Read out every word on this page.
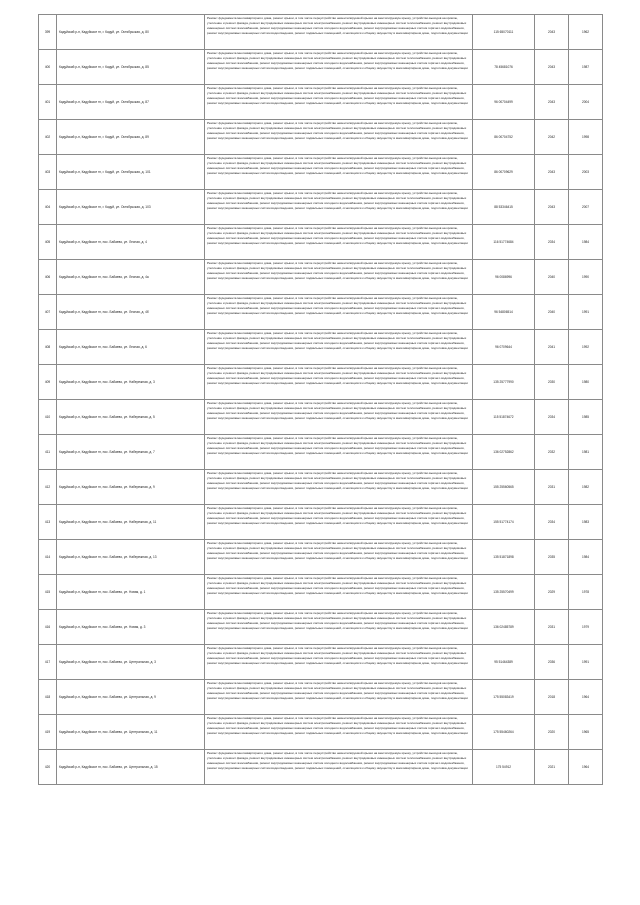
399	Кадуйский р-н, Кадуйское гп, г. Кадуй, ул. Октябрьская, д. 80	Ремонт фундамента многоквартирного дома, ремонт крыши, в том числе переустройство невентилируемой крыши на вентилируемую крышу, устройство выходов на кровлю, утепление и ремонт фасада, ремонт внутридомовых инженерных систем электроснабжения, ремонт внутридомовых инженерных систем теплоснабжения, ремонт внутридомовых инженерных систем газоснабжения, ремонт внутридомовых инженерных систем холодного водоснабжения, ремонт внутридомовых инженерных систем горячего водоснабжения, ремонт внутридомовых инженерных систем водоотведения, ремонт подвальных помещений, относящихся к общему имуществу в многоквартирном доме, подготовка документации	115 65070111	2043	1962
400	Кадуйский р-н, Кадуйское гп, г. Кадуй, ул. Октябрьская, д. 85	Ремонт фундамента многоквартирного дома, ремонт крыши, в том числе переустройство невентилируемой крыши на вентилируемую крышу, устройство выходов на кровлю, утепление и ремонт фасада, ремонт внутридомовых инженерных систем электроснабжения, ремонт внутридомовых инженерных систем теплоснабжения, ремонт внутридомовых инженерных систем газоснабжения, ремонт внутридомовых инженерных систем холодного водоснабжения, ремонт внутридомовых инженерных систем горячего водоснабжения, ремонт внутридомовых инженерных систем водоотведения, ремонт подвальных помещений, относящихся к общему имуществу в многоквартирном доме, подготовка документации	78 45681076	2043	1987
401	Кадуйский р-н, Кадуйское гп, г. Кадуй, ул. Октябрьская, д. 87	Ремонт фундамента многоквартирного дома, ремонт крыши, в том числе переустройство невентилируемой крыши на вентилируемую крышу, устройство выходов на кровлю, утепление и ремонт фасада, ремонт внутридомовых инженерных систем электроснабжения, ремонт внутридомовых инженерных систем теплоснабжения, ремонт внутридомовых инженерных систем газоснабжения, ремонт внутридомовых инженерных систем холодного водоснабжения, ремонт внутридомовых инженерных систем горячего водоснабжения, ремонт внутридомовых инженерных систем водоотведения, ремонт подвальных помещений, относящихся к общему имуществу в многоквартирном доме, подготовка документации	96 00704499	2043	2004
402	Кадуйский р-н, Кадуйское гп, г. Кадуй, ул. Октябрьская, д. 89	Ремонт фундамента многоквартирного дома, ремонт крыши, в том числе переустройство невентилируемой крыши на вентилируемую крышу, устройство выходов на кровлю, утепление и ремонт фасада, ремонт внутридомовых инженерных систем электроснабжения, ремонт внутридомовых инженерных систем теплоснабжения, ремонт внутридомовых инженерных систем газоснабжения, ремонт внутридомовых инженерных систем холодного водоснабжения, ремонт внутридомовых инженерных систем горячего водоснабжения, ремонт внутридомовых инженерных систем водоотведения, ремонт подвальных помещений, относящихся к общему имуществу в многоквартирном доме, подготовка документации	86 00704752	2042	1998
403	Кадуйский р-н, Кадуйское гп, г. Кадуй, ул. Октябрьская, д. 101	Ремонт фундамента многоквартирного дома, ремонт крыши, в том числе переустройство невентилируемой крыши на вентилируемую крышу, устройство выходов на кровлю, утепление и ремонт фасада, ремонт внутридомовых инженерных систем электроснабжения, ремонт внутридомовых инженерных систем теплоснабжения, ремонт внутридомовых инженерных систем газоснабжения, ремонт внутридомовых инженерных систем холодного водоснабжения, ремонт внутридомовых инженерных систем горячего водоснабжения, ремонт внутридомовых инженерных систем водоотведения, ремонт подвальных помещений, относящихся к общему имуществу в многоквартирном доме, подготовка документации	86 00709629	2043	2003
404	Кадуйский р-н, Кадуйское гп, г. Кадуй, ул. Октябрьская, д. 103	Ремонт фундамента многоквартирного дома, ремонт крыши, в том числе переустройство невентилируемой крыши на вентилируемую крышу, устройство выходов на кровлю, утепление и ремонт фасада, ремонт внутридомовых инженерных систем электроснабжения, ремонт внутридомовых инженерных систем теплоснабжения, ремонт внутридомовых инженерных систем газоснабжения, ремонт внутридомовых инженерных систем холодного водоснабжения, ремонт внутридомовых инженерных систем горячего водоснабжения, ремонт внутридомовых инженерных систем водоотведения, ремонт подвальных помещений, относящихся к общему имуществу в многоквартирном доме, подготовка документации	88 53346415	2043	2007
405	Кадуйский р-н, Кадуйское гп, пос. Бабаево, ул. Лесная, д. 4	Ремонт фундамента многоквартирного дома, ремонт крыши, в том числе переустройство невентилируемой крыши на вентилируемую крышу, устройство выходов на кровлю, утепление и ремонт фасада, ремонт внутридомовых инженерных систем электроснабжения, ремонт внутридомовых инженерных систем теплоснабжения, ремонт внутридомовых инженерных систем газоснабжения, ремонт внутридомовых инженерных систем холодного водоснабжения, ремонт внутридомовых инженерных систем горячего водоснабжения, ремонт внутридомовых инженерных систем водоотведения, ремонт подвальных помещений, относящихся к общему имуществу в многоквартирном доме, подготовка документации	116 51774684	2034	1984
406	Кадуйский р-н, Кадуйское гп, пос. Бабаево, ул. Лесная, д. 4а	Ремонт фундамента многоквартирного дома, ремонт крыши, в том числе переустройство невентилируемой крыши на вентилируемую крышу, устройство выходов на кровлю, утепление и ремонт фасада, ремонт внутридомовых инженерных систем электроснабжения, ремонт внутридомовых инженерных систем теплоснабжения, ремонт внутридомовых инженерных систем газоснабжения, ремонт внутридомовых инженерных систем холодного водоснабжения, ремонт внутридомовых инженерных систем горячего водоснабжения, ремонт внутридомовых инженерных систем водоотведения, ремонт подвальных помещений, относящихся к общему имуществу в многоквартирном доме, подготовка документации	96 0086996	2040	1990
407	Кадуйский р-н, Кадуйское гп, пос. Бабаево, ул. Лесная, д. 4б	Ремонт фундамента многоквартирного дома, ремонт крыши, в том числе переустройство невентилируемой крыши на вентилируемую крышу, устройство выходов на кровлю, утепление и ремонт фасада, ремонт внутридомовых инженерных систем электроснабжения, ремонт внутридомовых инженерных систем теплоснабжения, ремонт внутридомовых инженерных систем газоснабжения, ремонт внутридомовых инженерных систем холодного водоснабжения, ремонт внутридомовых инженерных систем горячего водоснабжения, ремонт внутридомовых инженерных систем водоотведения, ремонт подвальных помещений, относящихся к общему имуществу в многоквартирном доме, подготовка документации	96 54806514	2040	1991
408	Кадуйский р-н, Кадуйское гп, пос. Бабаево, ул. Лесная, д. 6	Ремонт фундамента многоквартирного дома, ремонт крыши, в том числе переустройство невентилируемой крыши на вентилируемую крышу, устройство выходов на кровлю, утепление и ремонт фасада, ремонт внутридомовых инженерных систем электроснабжения, ремонт внутридомовых инженерных систем теплоснабжения, ремонт внутридомовых инженерных систем газоснабжения, ремонт внутридомовых инженерных систем холодного водоснабжения, ремонт внутридомовых инженерных систем горячего водоснабжения, ремонт внутридомовых инженерных систем водоотведения, ремонт подвальных помещений, относящихся к общему имуществу в многоквартирном доме, подготовка документации	96 0709644	2041	1992
409	Кадуйский р-н, Кадуйское гп, пос. Бабаево, ул. Набережная, д. 3	Ремонт фундамента многоквартирного дома, ремонт крыши, в том числе переустройство невентилируемой крыши на вентилируемую крышу, устройство выходов на кровлю, утепление и ремонт фасада, ремонт внутридомовых инженерных систем электроснабжения, ремонт внутридомовых инженерных систем теплоснабжения, ремонт внутридомовых инженерных систем газоснабжения, ремонт внутридомовых инженерных систем холодного водоснабжения, ремонт внутридомовых инженерных систем горячего водоснабжения, ремонт внутридомовых инженерных систем водоотведения, ремонт подвальных помещений, относящихся к общему имуществу в многоквартирном доме, подготовка документации	135 25777990	2030	1980
410	Кадуйский р-н, Кадуйское гп, пос. Бабаево, ул. Набережная, д. 5	Ремонт фундамента многоквартирного дома, ремонт крыши, в том числе переустройство невентилируемой крыши на вентилируемую крышу, устройство выходов на кровлю, утепление и ремонт фасада, ремонт внутридомовых инженерных систем электроснабжения, ремонт внутридомовых инженерных систем теплоснабжения, ремонт внутридомовых инженерных систем газоснабжения, ремонт внутридомовых инженерных систем холодного водоснабжения, ремонт внутридомовых инженерных систем горячего водоснабжения, ремонт внутридомовых инженерных систем водоотведения, ремонт подвальных помещений, относящихся к общему имуществу в многоквартирном доме, подготовка документации	115 51874672	2034	1985
411	Кадуйский р-н, Кадуйское гп, пос. Бабаево, ул. Набережная, д. 7	Ремонт фундамента многоквартирного дома, ремонт крыши, в том числе переустройство невентилируемой крыши на вентилируемую крышу, устройство выходов на кровлю, утепление и ремонт фасада, ремонт внутридомовых инженерных систем электроснабжения, ремонт внутридомовых инженерных систем теплоснабжения, ремонт внутридомовых инженерных систем газоснабжения, ремонт внутридомовых инженерных систем холодного водоснабжения, ремонт внутридомовых инженерных систем горячего водоснабжения, ремонт внутридомовых инженерных систем водоотведения, ремонт подвальных помещений, относящихся к общему имуществу в многоквартирном доме, подготовка документации	136 02752862	2032	1981
412	Кадуйский р-н, Кадуйское гп, пос. Бабаево, ул. Набережная, д. 9	Ремонт фундамента многоквартирного дома, ремонт крыши, в том числе переустройство невентилируемой крыши на вентилируемую крышу, устройство выходов на кровлю, утепление и ремонт фасада, ремонт внутридомовых инженерных систем электроснабжения, ремонт внутридомовых инженерных систем теплоснабжения, ремонт внутридомовых инженерных систем газоснабжения, ремонт внутридомовых инженерных систем холодного водоснабжения, ремонт внутридомовых инженерных систем горячего водоснабжения, ремонт внутридомовых инженерных систем водоотведения, ремонт подвальных помещений, относящихся к общему имуществу в многоквартирном доме, подготовка документации	155 25560565	2031	1982
413	Кадуйский р-н, Кадуйское гп, пос. Бабаево, ул. Набережная, д. 11	Ремонт фундамента многоквартирного дома, ремонт крыши, в том числе переустройство невентилируемой крыши на вентилируемую крышу, устройство выходов на кровлю, утепление и ремонт фасада, ремонт внутридомовых инженерных систем электроснабжения, ремонт внутридомовых инженерных систем теплоснабжения, ремонт внутридомовых инженерных систем газоснабжения, ремонт внутридомовых инженерных систем холодного водоснабжения, ремонт внутридомовых инженерных систем горячего водоснабжения, ремонт внутридомовых инженерных систем водоотведения, ремонт подвальных помещений, относящихся к общему имуществу в многоквартирном доме, подготовка документации	155 51774174	2034	1983
414	Кадуйский р-н, Кадуйское гп, пос. Бабаево, ул. Набережная, д. 13	Ремонт фундамента многоквартирного дома, ремонт крыши, в том числе переустройство невентилируемой крыши на вентилируемую крышу, устройство выходов на кровлю, утепление и ремонт фасада, ремонт внутридомовых инженерных систем электроснабжения, ремонт внутридомовых инженерных систем теплоснабжения, ремонт внутридомовых инженерных систем газоснабжения, ремонт внутридомовых инженерных систем холодного водоснабжения, ремонт внутридомовых инженерных систем горячего водоснабжения, ремонт внутридомовых инженерных систем водоотведения, ремонт подвальных помещений, относящихся к общему имуществу в многоквартирном доме, подготовка документации	135 51871898	2035	1984
415	Кадуйский р-н, Кадуйское гп, пос. Бабаево, ул. Новая, д. 1	Ремонт фундамента многоквартирного дома, ремонт крыши, в том числе переустройство невентилируемой крыши на вентилируемую крышу, устройство выходов на кровлю, утепление и ремонт фасада, ремонт внутридомовых инженерных систем электроснабжения, ремонт внутридомовых инженерных систем теплоснабжения, ремонт внутридомовых инженерных систем газоснабжения, ремонт внутридомовых инженерных систем холодного водоснабжения, ремонт внутридомовых инженерных систем горячего водоснабжения, ремонт внутридомовых инженерных систем водоотведения, ремонт подвальных помещений, относящихся к общему имуществу в многоквартирном доме, подготовка документации	135 25570499	2029	1978
416	Кадуйский р-н, Кадуйское гп, пос. Бабаево, ул. Новая, д. 3	Ремонт фундамента многоквартирного дома, ремонт крыши, в том числе переустройство невентилируемой крыши на вентилируемую крышу, устройство выходов на кровлю, утепление и ремонт фасада, ремонт внутридомовых инженерных систем электроснабжения, ремонт внутридомовых инженерных систем теплоснабжения, ремонт внутридомовых инженерных систем газоснабжения, ремонт внутридомовых инженерных систем холодного водоснабжения, ремонт внутридомовых инженерных систем горячего водоснабжения, ремонт внутридомовых инженерных систем водоотведения, ремонт подвальных помещений, относящихся к общему имуществу в многоквартирном доме, подготовка документации	136 02485789	2031	1979
417	Кадуйский р-н, Кадуйское гп, пос. Бабаево, ул. Центральная, д. 3	Ремонт фундамента многоквартирного дома, ремонт крыши, в том числе переустройство невентилируемой крыши на вентилируемую крышу, устройство выходов на кровлю, утепление и ремонт фасада, ремонт внутридомовых инженерных систем электроснабжения, ремонт внутридомовых инженерных систем теплоснабжения, ремонт внутридомовых инженерных систем газоснабжения, ремонт внутридомовых инженерных систем холодного водоснабжения, ремонт внутридомовых инженерных систем горячего водоснабжения, ремонт внутридомовых инженерных систем водоотведения, ремонт подвальных помещений, относящихся к общему имуществу в многоквартирном доме, подготовка документации	95 51464389	2036	1991
418	Кадуйский р-н, Кадуйское гп, пос. Бабаево, ул. Центральная, д. 9	Ремонт фундамента многоквартирного дома, ремонт крыши, в том числе переустройство невентилируемой крыши на вентилируемую крышу, устройство выходов на кровлю, утепление и ремонт фасада, ремонт внутридомовых инженерных систем электроснабжения, ремонт внутридомовых инженерных систем теплоснабжения, ремонт внутридомовых инженерных систем газоснабжения, ремонт внутридомовых инженерных систем холодного водоснабжения, ремонт внутридомовых инженерных систем горячего водоснабжения, ремонт внутридомовых инженерных систем водоотведения, ремонт подвальных помещений, относящихся к общему имуществу в многоквартирном доме, подготовка документации	175 55083419	2018	1964
419	Кадуйский р-н, Кадуйское гп, пос. Бабаево, ул. Центральная, д. 11	Ремонт фундамента многоквартирного дома, ремонт крыши, в том числе переустройство невентилируемой крыши на вентилируемую крышу, устройство выходов на кровлю, утепление и ремонт фасада, ремонт внутридомовых инженерных систем электроснабжения, ремонт внутридомовых инженерных систем теплоснабжения, ремонт внутридомовых инженерных систем газоснабжения, ремонт внутридомовых инженерных систем холодного водоснабжения, ремонт внутридомовых инженерных систем горячего водоснабжения, ремонт внутридомовых инженерных систем водоотведения, ремонт подвальных помещений, относящихся к общему имуществу в многоквартирном доме, подготовка документации	175 55460264	2020	1965
420	Кадуйский р-н, Кадуйское гп, пос. Бабаево, ул. Центральная, д. 15	Ремонт фундамента многоквартирного дома, ремонт крыши, в том числе переустройство невентилируемой крыши на вентилируемую крышу, устройство выходов на кровлю, утепление и ремонт фасада, ремонт внутридомовых инженерных систем электроснабжения, ремонт внутридомовых инженерных систем теплоснабжения, ремонт внутридомовых инженерных систем газоснабжения, ремонт внутридомовых инженерных систем холодного водоснабжения, ремонт внутридомовых инженерных систем горячего водоснабжения, ремонт внутридомовых инженерных систем водоотведения, ремонт подвальных помещений, относящихся к общему имуществу в многоквартирном доме, подготовка документации	175 54912	2021	1964
